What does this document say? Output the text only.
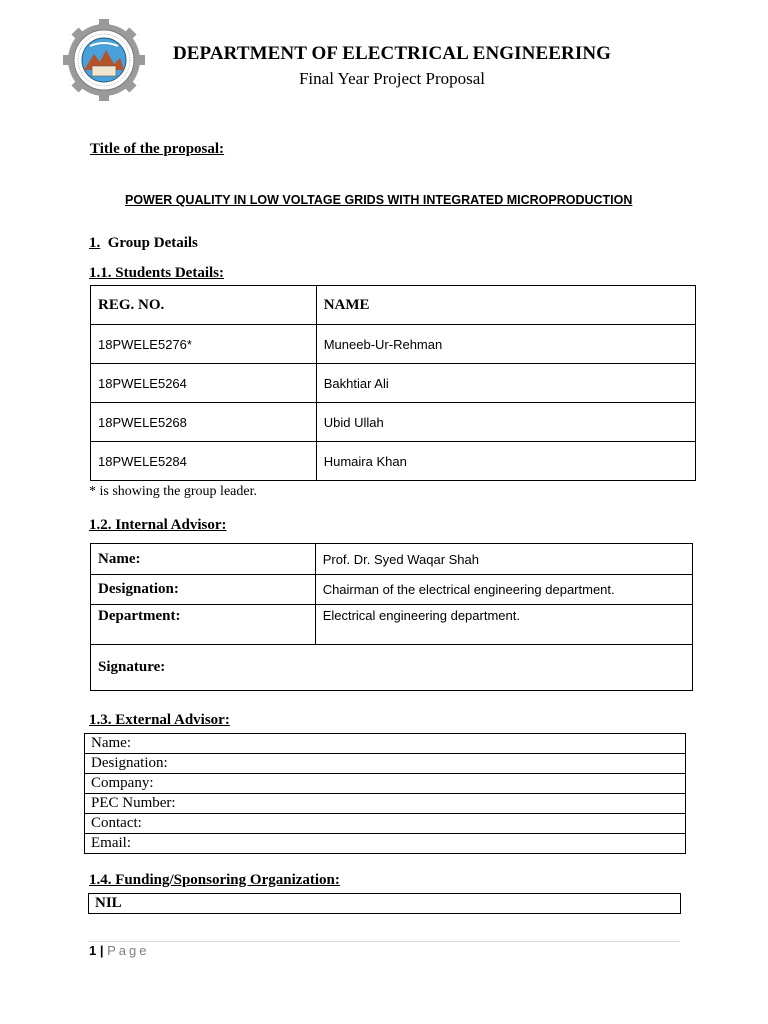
DEPARTMENT OF ELECTRICAL ENGINEERING
Final Year Project Proposal
Title of the proposal:
POWER QUALITY IN LOW VOLTAGE GRIDS WITH INTEGRATED MICROPRODUCTION
1. Group Details
1.1. Students Details:
REG. NO.	NAME
18PWELE5276*	Muneeb-Ur-Rehman
18PWELE5264	Bakhtiar Ali
18PWELE5268	Ubid Ullah
18PWELE5284	Humaira Khan
* is showing the group leader.
1.2. Internal Advisor:
Name:	Prof. Dr. Syed Waqar Shah
Designation:	Chairman of the electrical engineering department.
Department:	Electrical engineering department.
Signature:	
1.3. External Advisor:
Name:
Designation:
Company:
PEC Number:
Contact:
Email:
1.4. Funding/Sponsoring Organization:
NIL
1 | Page
